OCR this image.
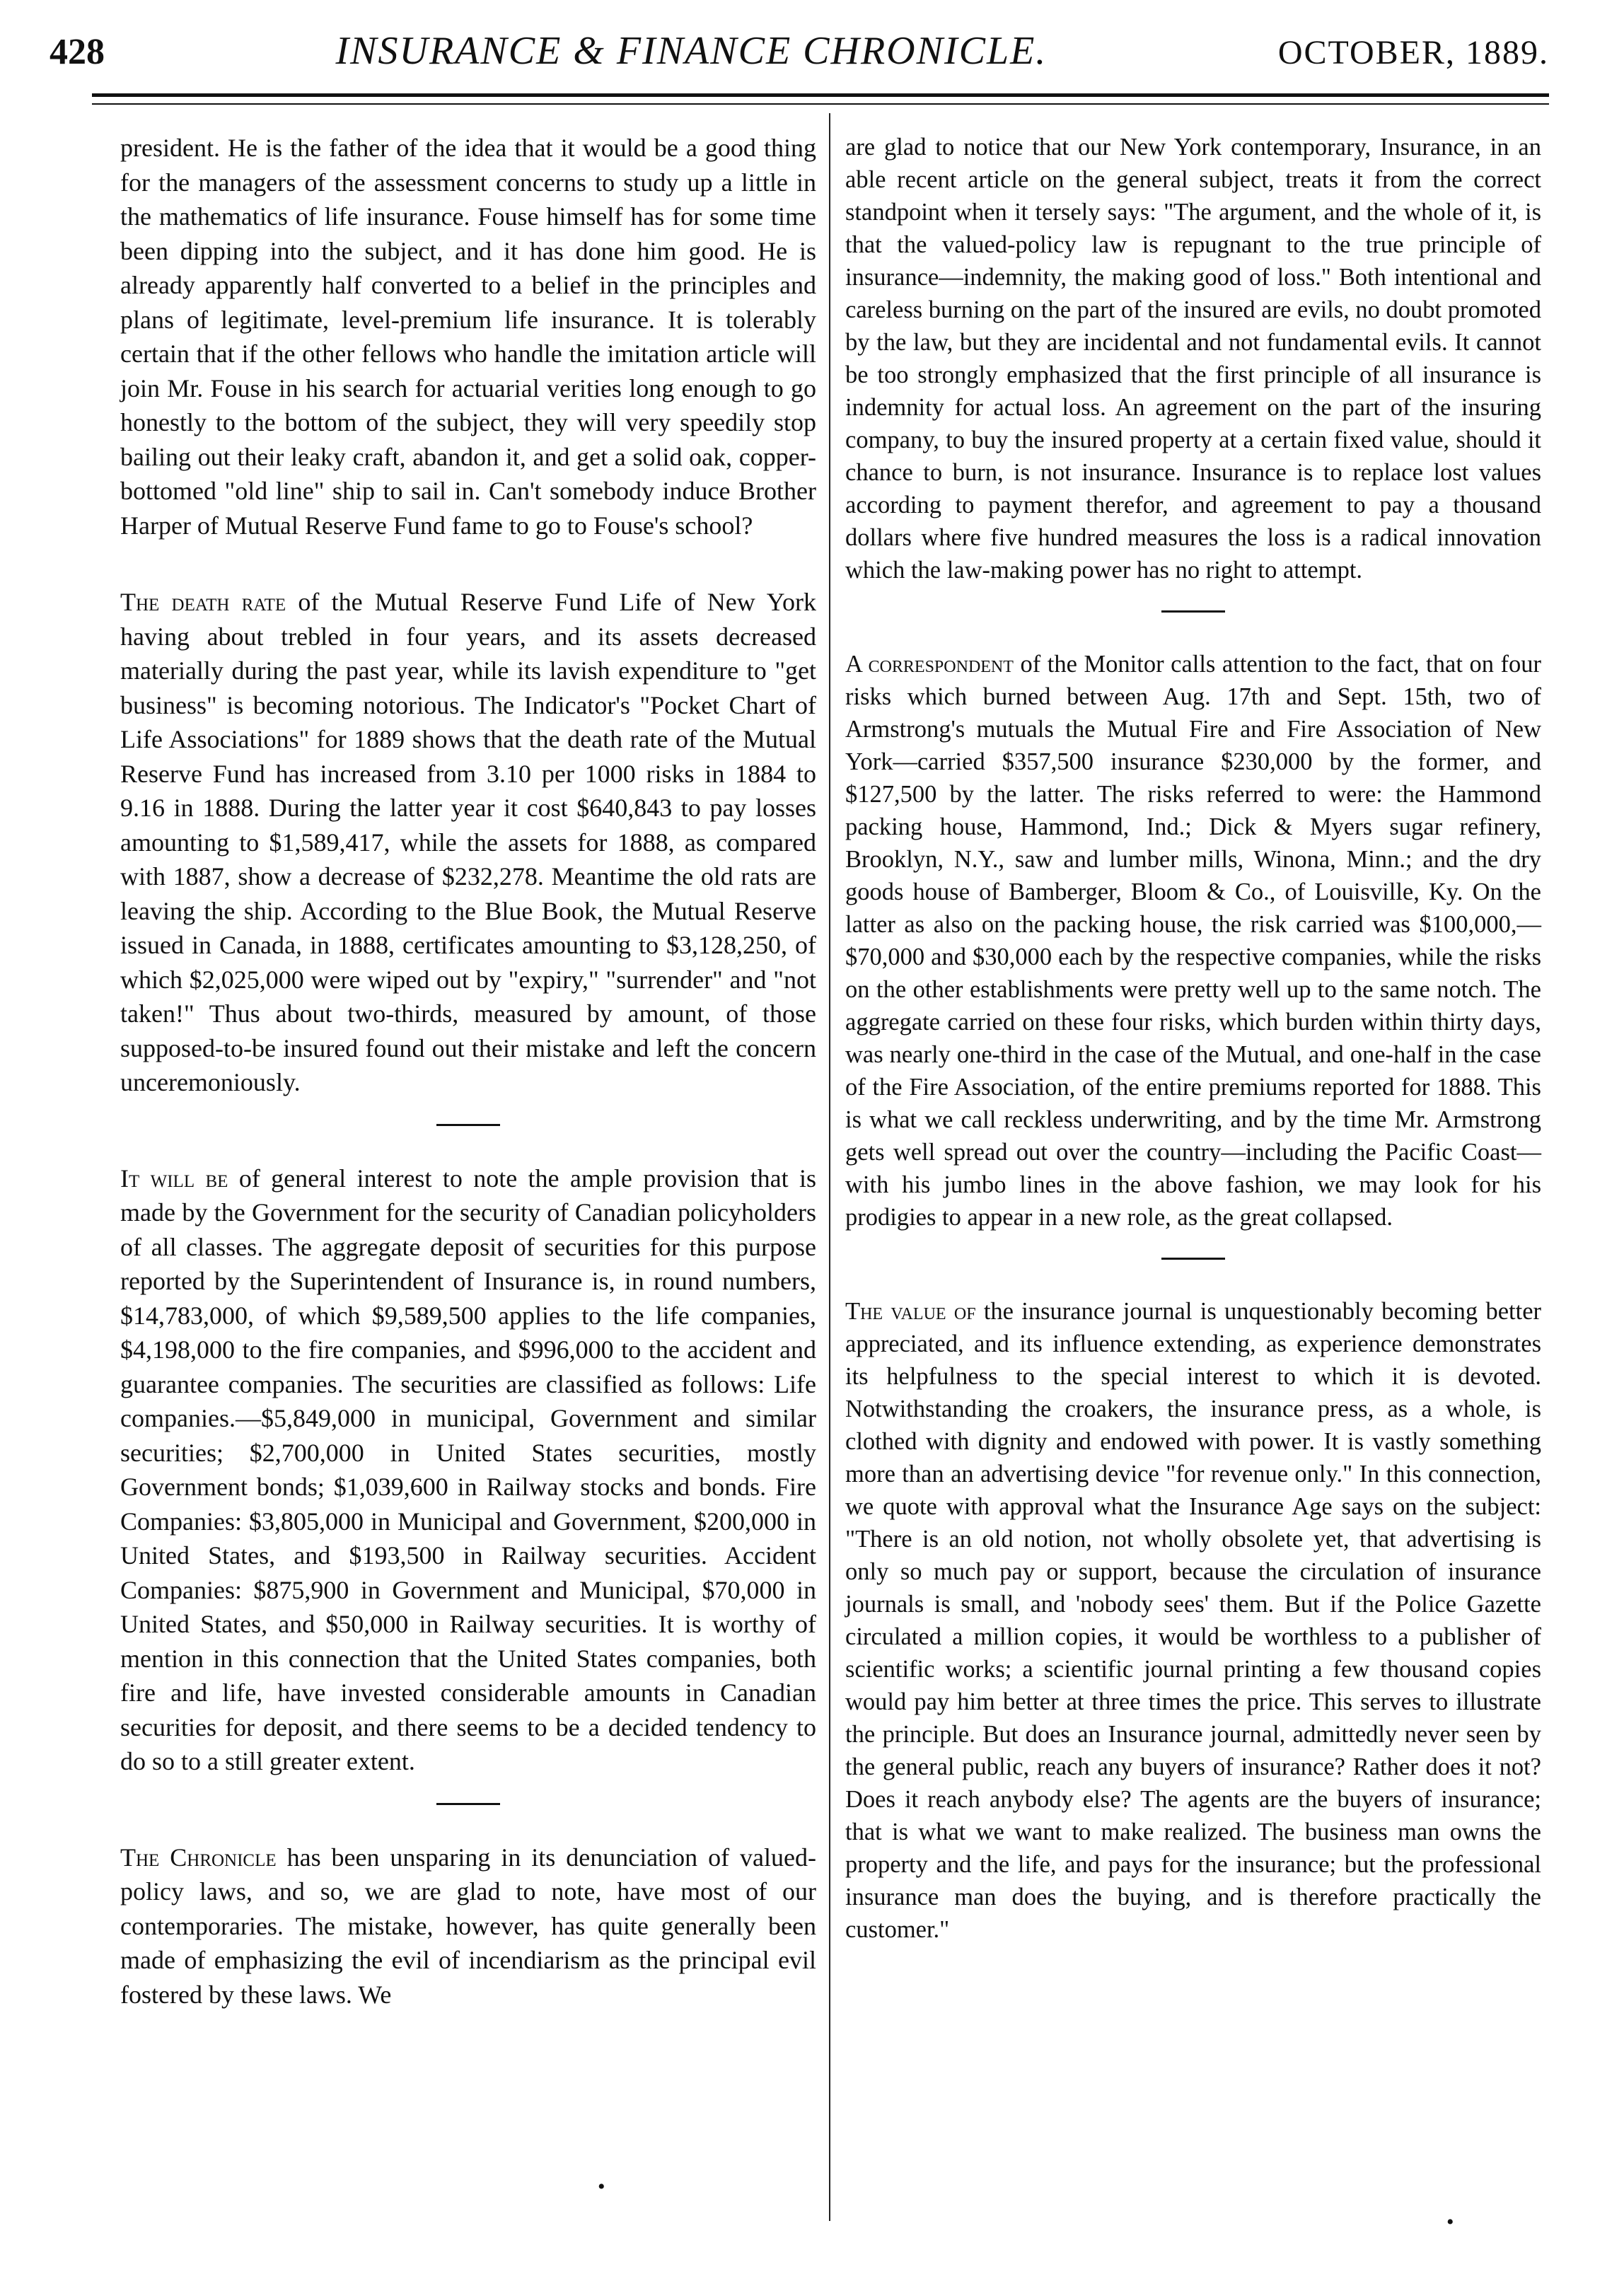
428	INSURANCE & FINANCE CHRONICLE.	OCTOBER, 1889.

president. He is the father of the idea that it would be a good thing for the managers of the assessment concerns to study up a little in the mathematics of life insurance. Fouse himself has for some time been dipping into the subject, and it has done him good. He is already apparently half converted to a belief in the principles and plans of legitimate, level-premium life insurance. It is tolerably certain that if the other fellows who handle the imitation article will join Mr. Fouse in his search for actuarial verities long enough to go honestly to the bottom of the subject, they will very speedily stop bailing out their leaky craft, abandon it, and get a solid oak, copper-bottomed "old line" ship to sail in. Can't somebody induce Brother Harper of Mutual Reserve Fund fame to go to Fouse's school?

The death rate of the Mutual Reserve Fund Life of New York having about trebled in four years, and its assets decreased materially during the past year, while its lavish expenditure to "get business" is becoming notorious. The Indicator's "Pocket Chart of Life Associations" for 1889 shows that the death rate of the Mutual Reserve Fund has increased from 3.10 per 1000 risks in 1884 to 9.16 in 1888. During the latter year it cost $640,843 to pay losses amounting to $1,589,417, while the assets for 1888, as compared with 1887, show a decrease of $232,278. Meantime the old rats are leaving the ship. According to the Blue Book, the Mutual Reserve issued in Canada, in 1888, certificates amounting to $3,128,250, of which $2,025,000 were wiped out by "expiry," "surrender" and "not taken!" Thus about two-thirds, measured by amount, of those supposed-to-be insured found out their mistake and left the concern unceremoniously.

It will be of general interest to note the ample provision that is made by the Government for the security of Canadian policyholders of all classes. The aggregate deposit of securities for this purpose reported by the Superintendent of Insurance is, in round numbers, $14,783,000, of which $9,589,500 applies to the life companies, $4,198,000 to the fire companies, and $996,000 to the accident and guarantee companies. The securities are classified as follows: Life companies.—$5,849,000 in municipal, Government and similar securities; $2,700,000 in United States securities, mostly Government bonds; $1,039,600 in Railway stocks and bonds. Fire Companies: $3,805,000 in Municipal and Government, $200,000 in United States, and $193,500 in Railway securities. Accident Companies: $875,900 in Government and Municipal, $70,000 in United States, and $50,000 in Railway securities. It is worthy of mention in this connection that the United States companies, both fire and life, have invested considerable amounts in Canadian securities for deposit, and there seems to be a decided tendency to do so to a still greater extent.

The Chronicle has been unsparing in its denunciation of valued-policy laws, and so, we are glad to note, have most of our contemporaries. The mistake, however, has quite generally been made of emphasizing the evil of incendiarism as the principal evil fostered by these laws. We

are glad to notice that our New York contemporary, Insurance, in an able recent article on the general subject, treats it from the correct standpoint when it tersely says: "The argument, and the whole of it, is that the valued-policy law is repugnant to the true principle of insurance—indemnity, the making good of loss." Both intentional and careless burning on the part of the insured are evils, no doubt promoted by the law, but they are incidental and not fundamental evils. It cannot be too strongly emphasized that the first principle of all insurance is indemnity for actual loss. An agreement on the part of the insuring company, to buy the insured property at a certain fixed value, should it chance to burn, is not insurance. Insurance is to replace lost values according to payment therefor, and agreement to pay a thousand dollars where five hundred measures the loss is a radical innovation which the law-making power has no right to attempt.

A correspondent of the Monitor calls attention to the fact, that on four risks which burned between Aug. 17th and Sept. 15th, two of Armstrong's mutuals the Mutual Fire and Fire Association of New York—carried $357,500 insurance $230,000 by the former, and $127,500 by the latter. The risks referred to were: the Hammond packing house, Hammond, Ind.; Dick & Myers sugar refinery, Brooklyn, N.Y., saw and lumber mills, Winona, Minn.; and the dry goods house of Bamberger, Bloom & Co., of Louisville, Ky. On the latter as also on the packing house, the risk carried was $100,000,—$70,000 and $30,000 each by the respective companies, while the risks on the other establishments were pretty well up to the same notch. The aggregate carried on these four risks, which burden within thirty days, was nearly one-third in the case of the Mutual, and one-half in the case of the Fire Association, of the entire premiums reported for 1888. This is what we call reckless underwriting, and by the time Mr. Armstrong gets well spread out over the country—including the Pacific Coast—with his jumbo lines in the above fashion, we may look for his prodigies to appear in a new role, as the great collapsed.

The value of the insurance journal is unquestionably becoming better appreciated, and its influence extending, as experience demonstrates its helpfulness to the special interest to which it is devoted. Notwithstanding the croakers, the insurance press, as a whole, is clothed with dignity and endowed with power. It is vastly something more than an advertising device "for revenue only." In this connection, we quote with approval what the Insurance Age says on the subject: "There is an old notion, not wholly obsolete yet, that advertising is only so much pay or support, because the circulation of insurance journals is small, and 'nobody sees' them. But if the Police Gazette circulated a million copies, it would be worthless to a publisher of scientific works; a scientific journal printing a few thousand copies would pay him better at three times the price. This serves to illustrate the principle. But does an Insurance journal, admittedly never seen by the general public, reach any buyers of insurance? Rather does it not? Does it reach anybody else? The agents are the buyers of insurance; that is what we want to make realized. The business man owns the property and the life, and pays for the insurance; but the professional insurance man does the buying, and is therefore practically the customer."

•
•
